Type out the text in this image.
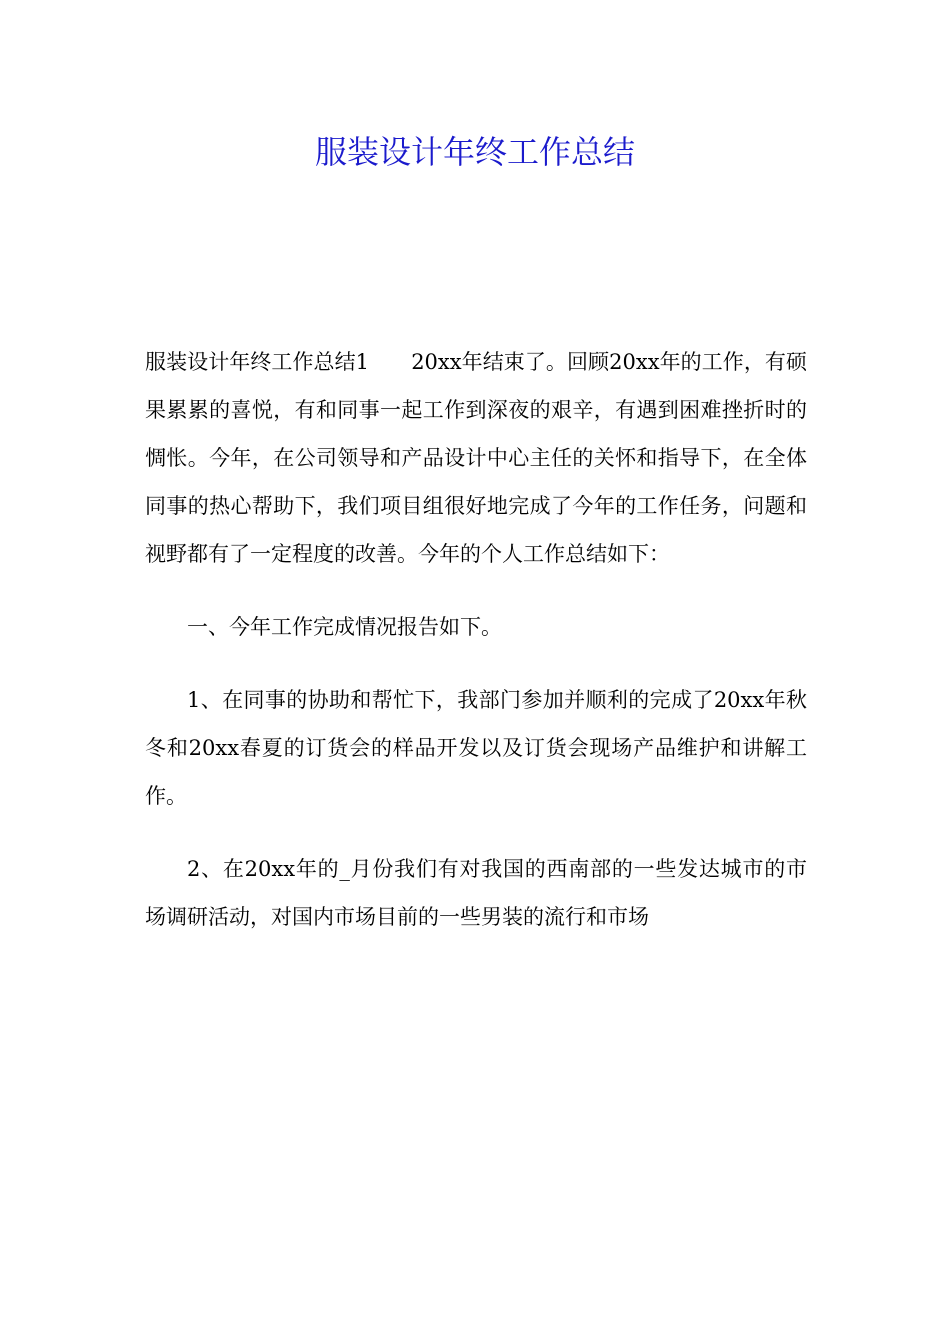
服装设计年终工作总结

服装设计年终工作总结1　　20xx年结束了。回顾20xx年的工作，有硕果累累的喜悦，有和同事一起工作到深夜的艰辛，有遇到困难挫折时的惆怅。今年，在公司领导和产品设计中心主任的关怀和指导下，在全体同事的热心帮助下，我们项目组很好地完成了今年的工作任务，问题和视野都有了一定程度的改善。今年的个人工作总结如下：

一、今年工作完成情况报告如下。

1、在同事的协助和帮忙下，我部门参加并顺利的完成了20xx年秋冬和20xx春夏的订货会的样品开发以及订货会现场产品维护和讲解工作。

2、在20xx年的_月份我们有对我国的西南部的一些发达城市的市场调研活动，对国内市场目前的一些男装的流行和市场
